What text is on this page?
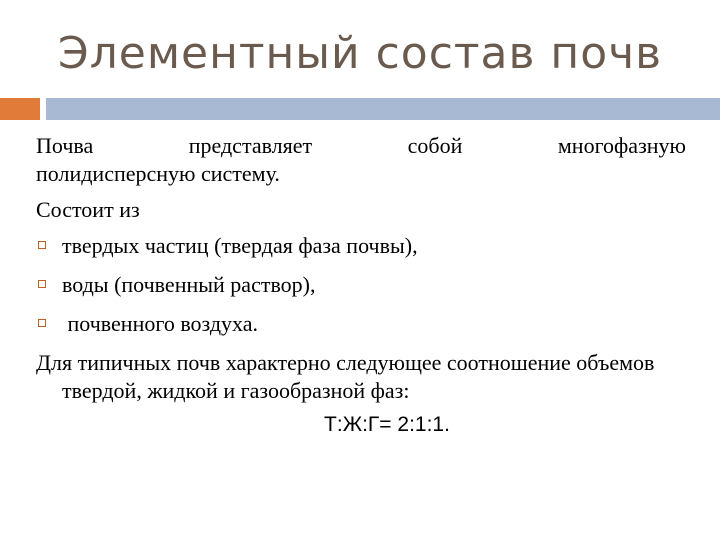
Элементный состав почв
Почва	представляет	собой	многофазную
полидисперсную систему.
Состоит из
твердых частиц (твердая фаза почвы),
воды (почвенный раствор),
почвенного воздуха.
Для типичных почв характерно следующее соотношение объемов твердой, жидкой и газообразной фаз:
Т:Ж:Г= 2:1:1.
